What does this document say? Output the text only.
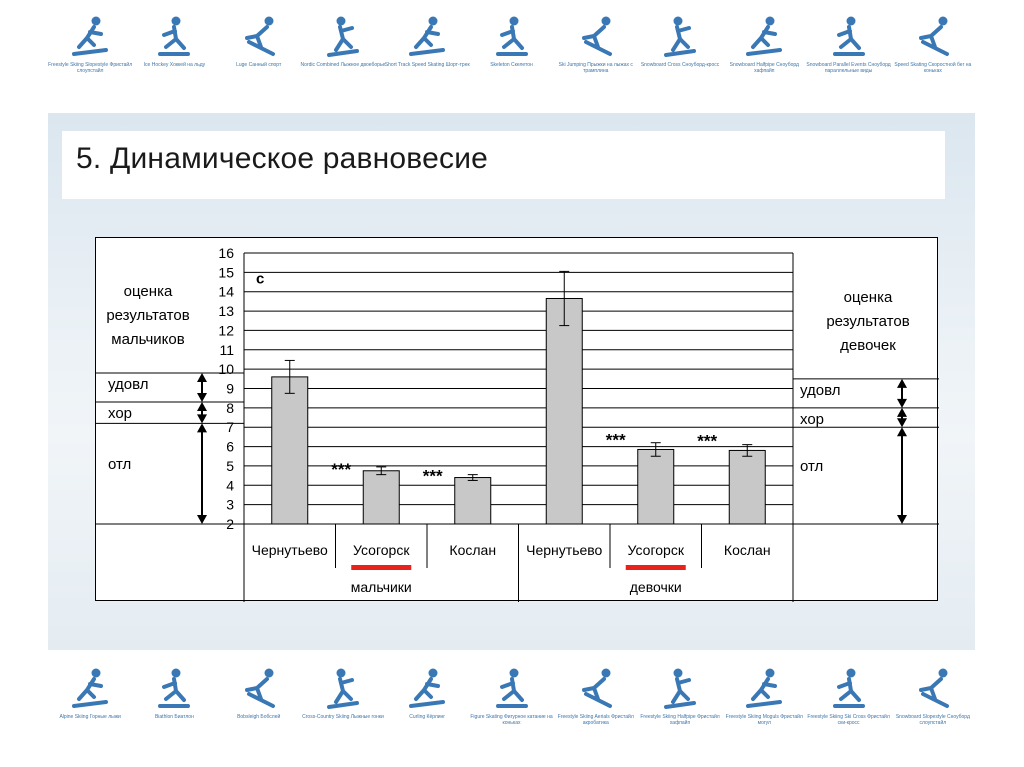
Freestyle Skiing Slopestyle Фристайл слоупстайл
Ice Hockey Хоккей на льду	Luge Санный спорт	Nordic Combined Лыжное двоеборье Short Track Speed Skating Шорт-трек	Skeleton Скелетон	Ski Jumping Прыжки на лыжах с трамплина
Snowboard Cross Сноуборд-кросс	Snowboard Halfpipe Сноуборд хафпайп
Snowboard Parallel Events Сноуборд параллельные виды
Speed Skating Скоростной бег на коньках
Alpine Skiing Горные лыжи	Biathlon Биатлон	Bobsleigh Бобслей	Cross-Country Skiing Лыжные гонки	Curling Кёрлинг	Figure Skating Фигурное катание на коньках
Freestyle Skiing Aerials Фристайл акробатика
Freestyle Skiing Halfpipe Фристайл хафпайп
Freestyle Skiing Moguls Фристайл могул
Freestyle Skiing Ski Cross Фристайл ски-кросс
Snowboard Slopestyle Сноуборд слоупстайл
5. Динамическое равновесие
2
3
4
5
6
7
8
9
10
11
12
13
14
15
16
Чернутьево
***
Усогорск
***
Кослан Чернутьево
***
Усогорск
***
Кослан
мальчики	девочки
c
оценка результатов мальчиков
оценка результатов девочек
удовл
хор
отл
удовл
хор
отл
